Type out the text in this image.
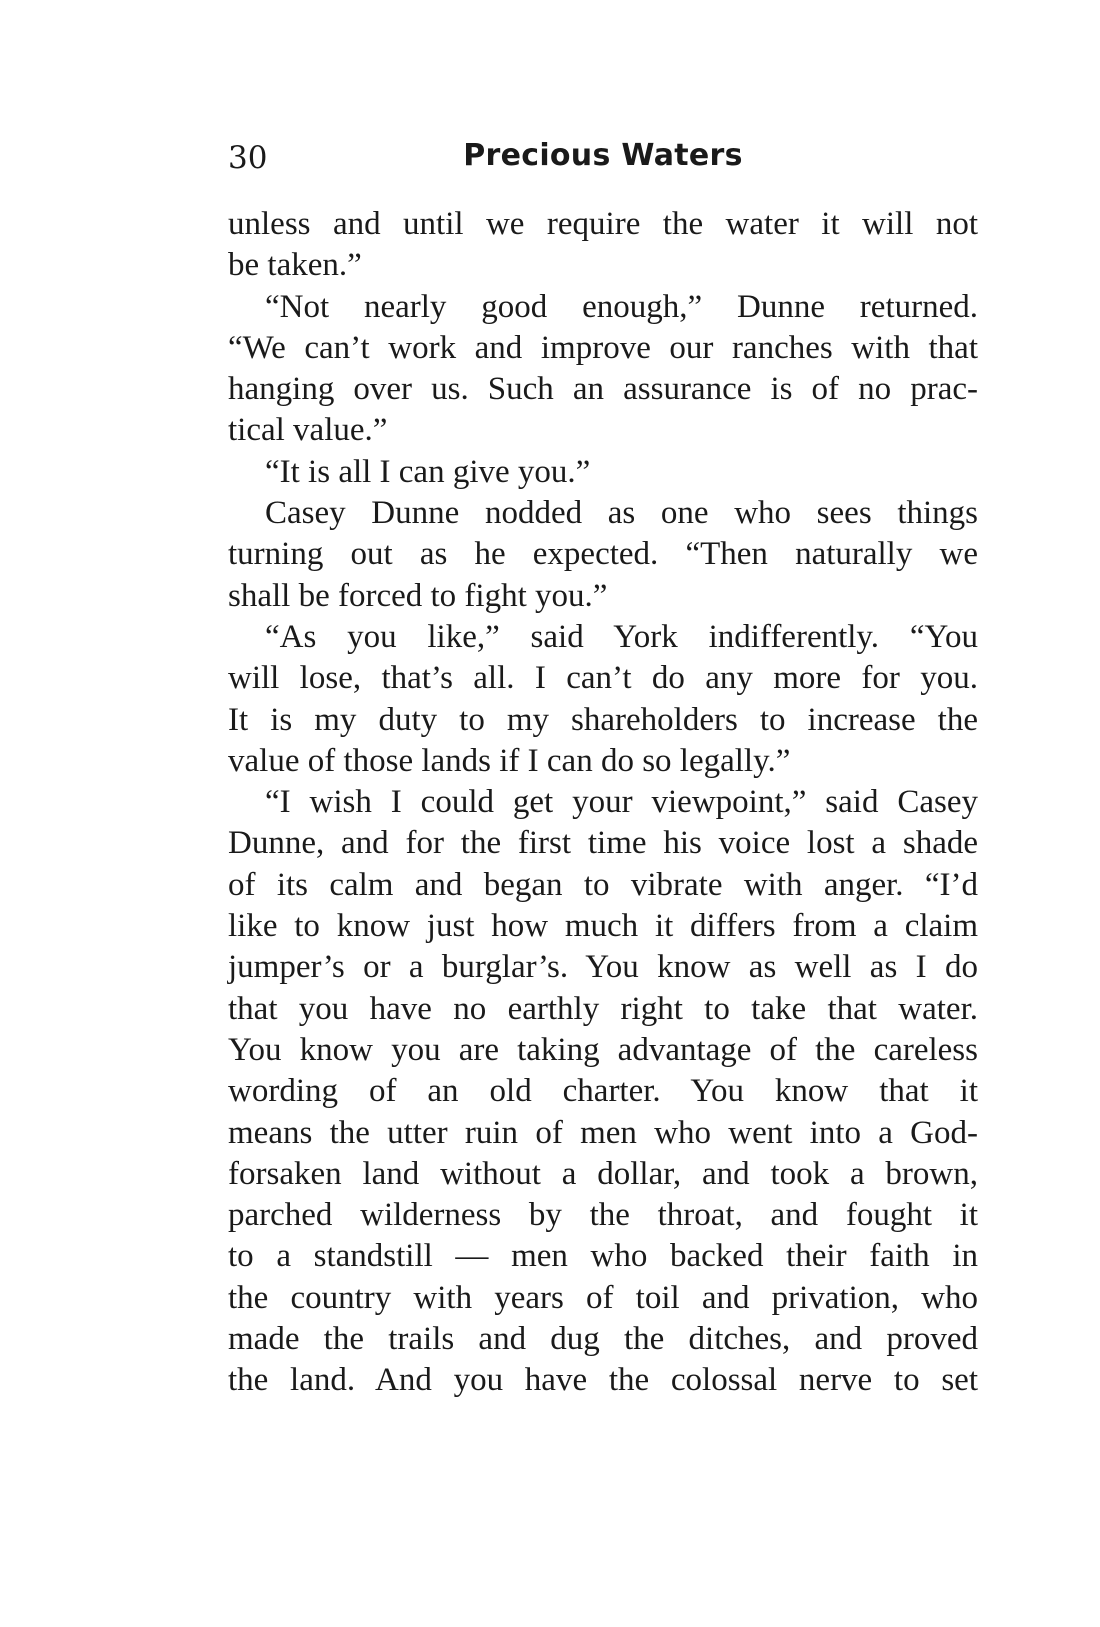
30	Precious Waters
unless and until we require the water it will not
be taken.”
“Not nearly good enough,” Dunne returned.
“We can’t work and improve our ranches with that
hanging over us. Such an assurance is of no prac-
tical value.”
“It is all I can give you.”
Casey Dunne nodded as one who sees things
turning out as he expected. “Then naturally we
shall be forced to fight you.”
“As you like,” said York indifferently. “You
will lose, that’s all. I can’t do any more for you.
It is my duty to my shareholders to increase the
value of those lands if I can do so legally.”
“I wish I could get your viewpoint,” said Casey
Dunne, and for the first time his voice lost a shade
of its calm and began to vibrate with anger. “I’d
like to know just how much it differs from a claim
jumper’s or a burglar’s. You know as well as I do
that you have no earthly right to take that water.
You know you are taking advantage of the careless
wording of an old charter. You know that it
means the utter ruin of men who went into a God-
forsaken land without a dollar, and took a brown,
parched wilderness by the throat, and fought it
to a standstill — men who backed their faith in
the country with years of toil and privation, who
made the trails and dug the ditches, and proved
the land. And you have the colossal nerve to set
